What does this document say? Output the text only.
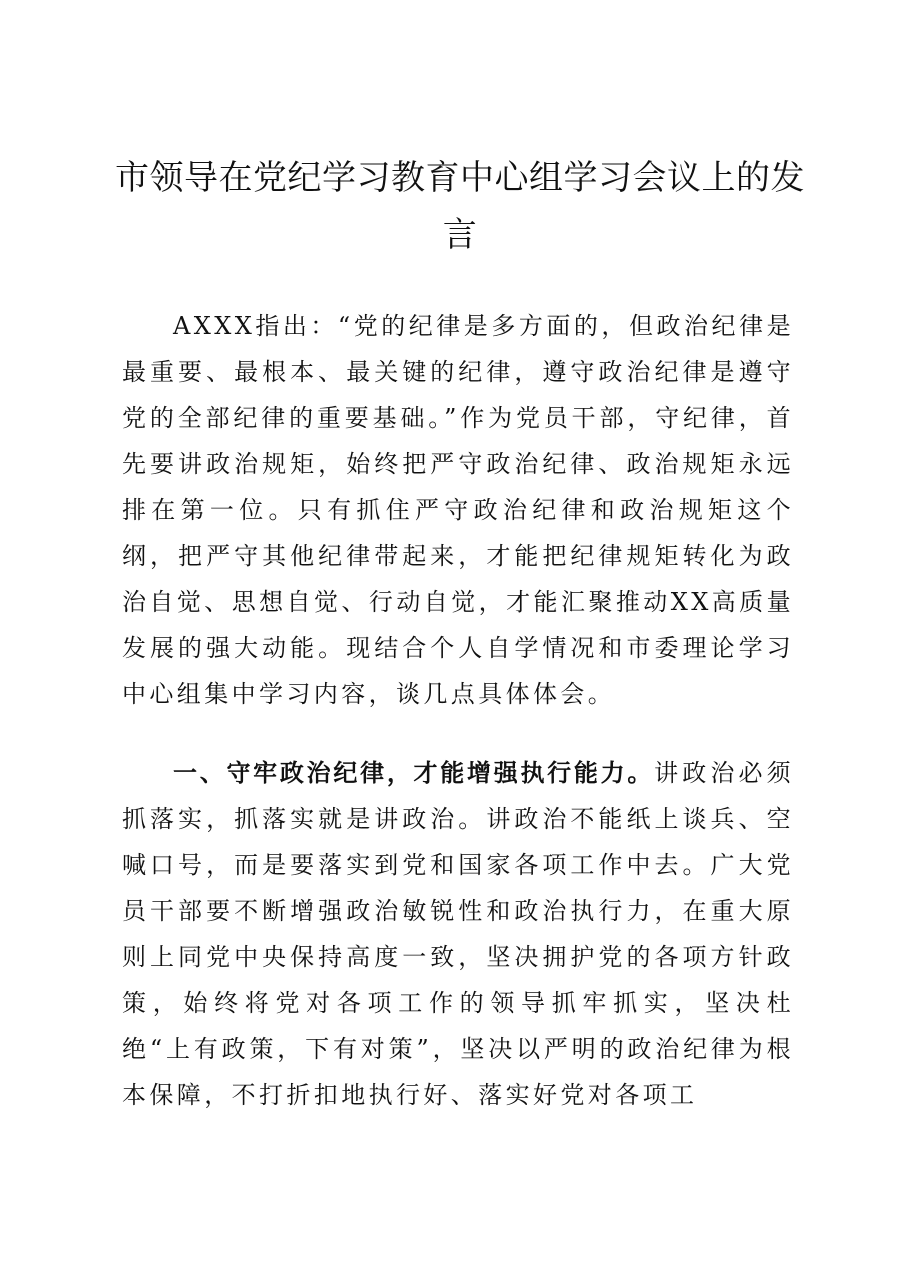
市领导在党纪学习教育中心组学习会议上的发言

AXXX指出：“党的纪律是多方面的，但政治纪律是最重要、最根本、最关键的纪律，遵守政治纪律是遵守党的全部纪律的重要基础。”作为党员干部，守纪律，首先要讲政治规矩，始终把严守政治纪律、政治规矩永远排在第一位。只有抓住严守政治纪律和政治规矩这个纲，把严守其他纪律带起来，才能把纪律规矩转化为政治自觉、思想自觉、行动自觉，才能汇聚推动XX高质量发展的强大动能。现结合个人自学情况和市委理论学习中心组集中学习内容，谈几点具体体会。

一、守牢政治纪律，才能增强执行能力。讲政治必须抓落实，抓落实就是讲政治。讲政治不能纸上谈兵、空喊口号，而是要落实到党和国家各项工作中去。广大党员干部要不断增强政治敏锐性和政治执行力，在重大原则上同党中央保持高度一致，坚决拥护党的各项方针政策，始终将党对各项工作的领导抓牢抓实，坚决杜绝“上有政策，下有对策”，坚决以严明的政治纪律为根本保障，不打折扣地执行好、落实好党对各项工
